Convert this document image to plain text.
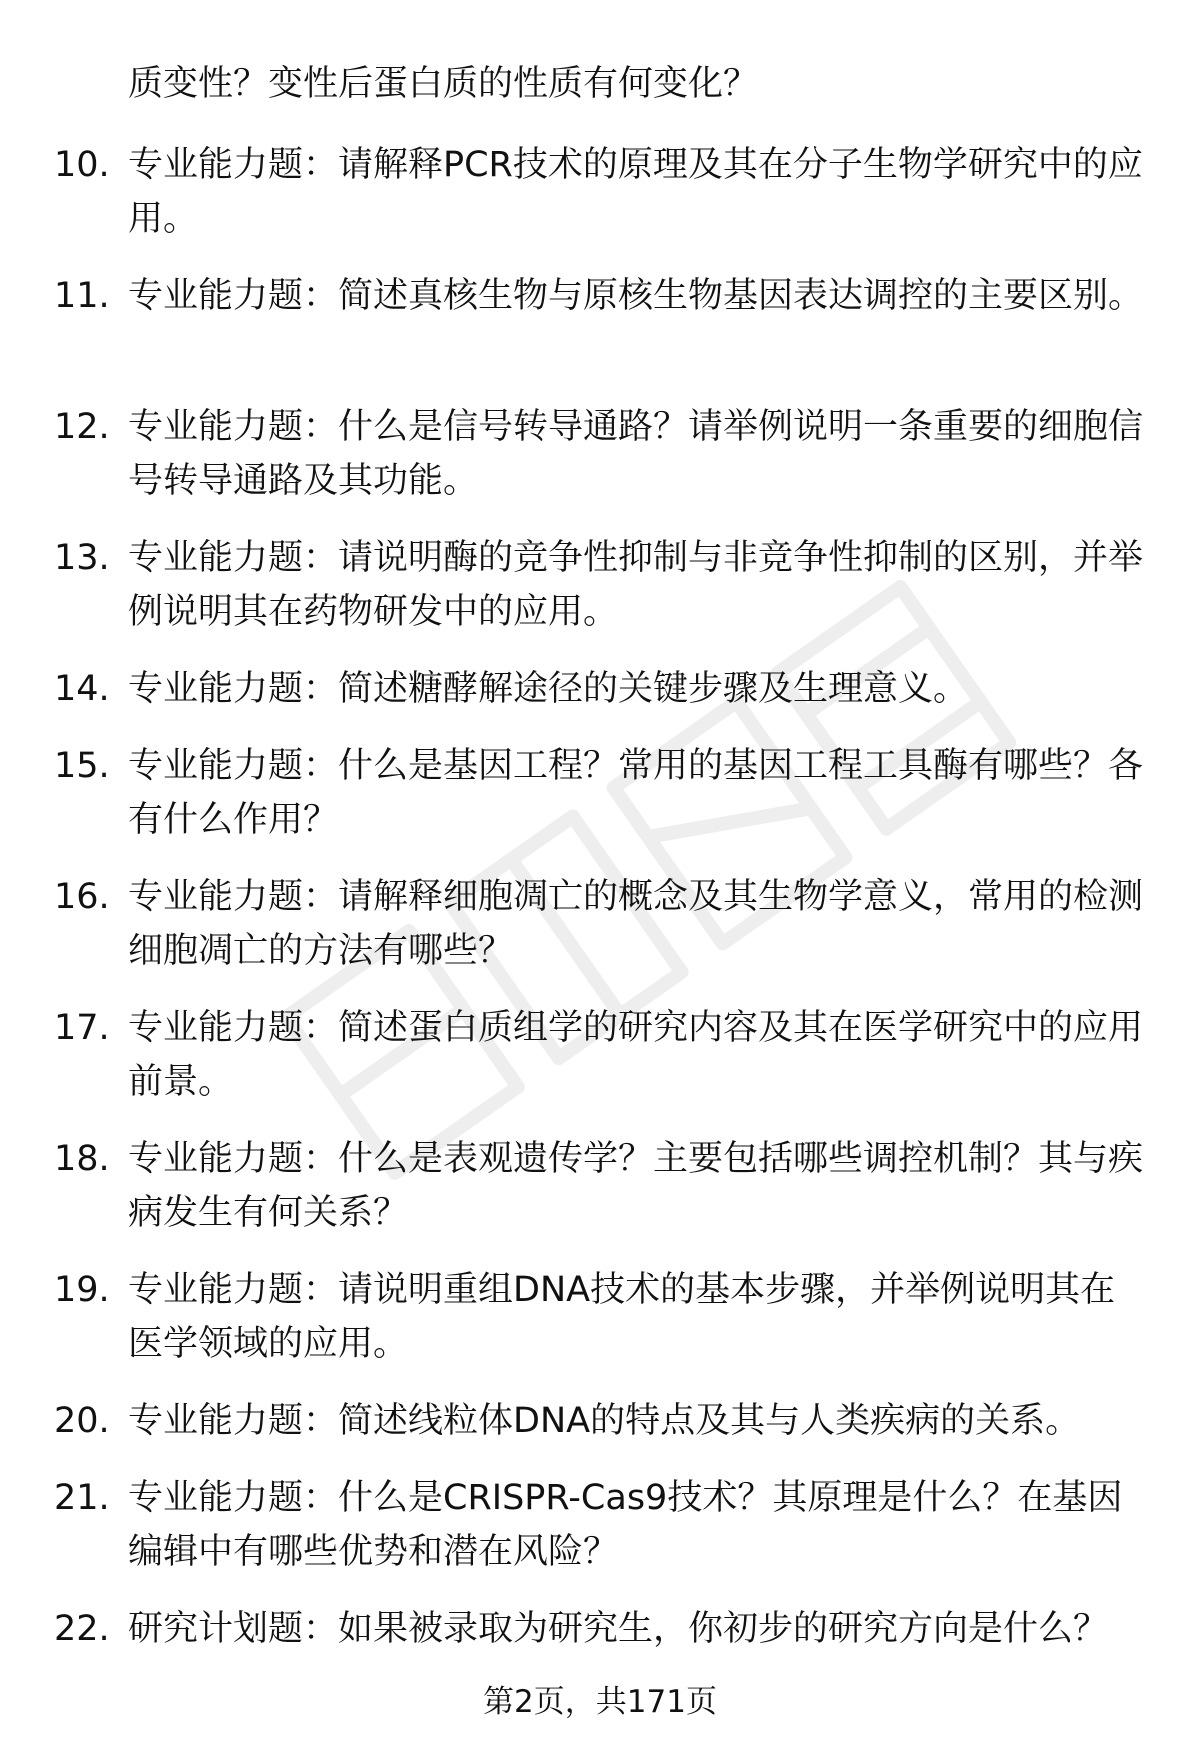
质变性？变性后蛋白质的性质有何变化？
10. 专业能力题：请解释PCR技术的原理及其在分子生物学研究中的应用。
11. 专业能力题：简述真核生物与原核生物基因表达调控的主要区别。
12. 专业能力题：什么是信号转导通路？请举例说明一条重要的细胞信号转导通路及其功能。
13. 专业能力题：请说明酶的竞争性抑制与非竞争性抑制的区别，并举例说明其在药物研发中的应用。
14. 专业能力题：简述糖酵解途径的关键步骤及生理意义。
15. 专业能力题：什么是基因工程？常用的基因工程工具酶有哪些？各有什么作用？
16. 专业能力题：请解释细胞凋亡的概念及其生物学意义，常用的检测细胞凋亡的方法有哪些？
17. 专业能力题：简述蛋白质组学的研究内容及其在医学研究中的应用前景。
18. 专业能力题：什么是表观遗传学？主要包括哪些调控机制？其与疾病发生有何关系？
19. 专业能力题：请说明重组DNA技术的基本步骤，并举例说明其在医学领域的应用。
20. 专业能力题：简述线粒体DNA的特点及其与人类疾病的关系。
21. 专业能力题：什么是CRISPR-Cas9技术？其原理是什么？在基因编辑中有哪些优势和潜在风险？
22. 研究计划题：如果被录取为研究生，你初步的研究方向是什么？
第2页，共171页
